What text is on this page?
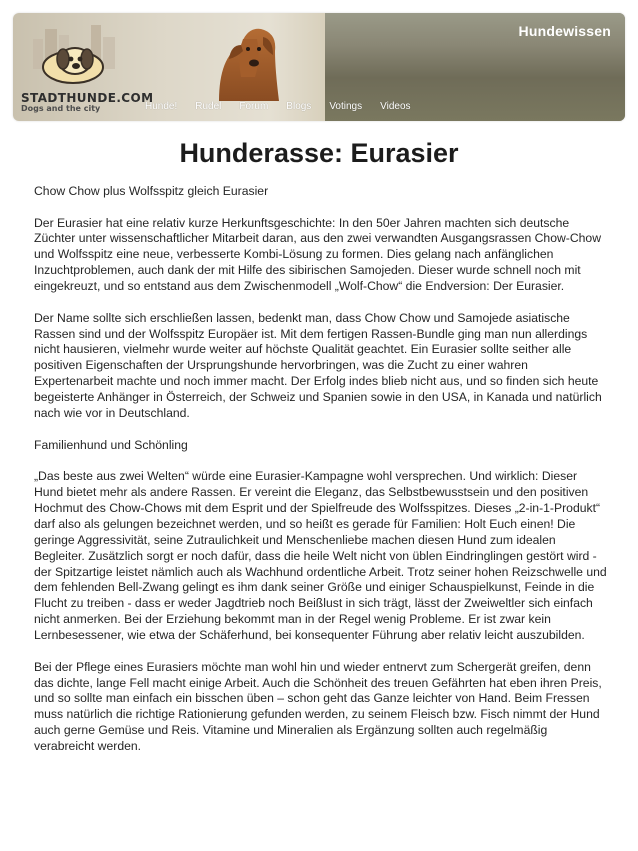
STADTHUNDE.COM
Dogs and the city
Hundewissen
Hunde! Rudel Forum Blogs Votings Videos
Hunderasse: Eurasier

Chow Chow plus Wolfsspitz gleich Eurasier

Der Eurasier hat eine relativ kurze Herkunftsgeschichte: In den 50er Jahren machten sich deutsche Züchter unter wissenschaftlicher Mitarbeit daran, aus den zwei verwandten Ausgangsrassen Chow-Chow und Wolfsspitz eine neue, verbesserte Kombi-Lösung zu formen. Dies gelang nach anfänglichen Inzuchtproblemen, auch dank der mit Hilfe des sibirischen Samojeden. Dieser wurde schnell noch mit eingekreuzt, und so entstand aus dem Zwischenmodell „Wolf-Chow“ die Endversion: Der Eurasier.

Der Name sollte sich erschließen lassen, bedenkt man, dass Chow Chow und Samojede asiatische Rassen sind und der Wolfsspitz Europäer ist. Mit dem fertigen Rassen-Bundle ging man nun allerdings nicht hausieren, vielmehr wurde weiter auf höchste Qualität geachtet. Ein Eurasier sollte seither alle positiven Eigenschaften der Ursprungshunde hervorbringen, was die Zucht zu einer wahren Expertenarbeit machte und noch immer macht. Der Erfolg indes blieb nicht aus, und so finden sich heute begeisterte Anhänger in Österreich, der Schweiz und Spanien sowie in den USA, in Kanada und natürlich nach wie vor in Deutschland.

Familienhund und Schönling

„Das beste aus zwei Welten“ würde eine Eurasier-Kampagne wohl versprechen. Und wirklich: Dieser Hund bietet mehr als andere Rassen. Er vereint die Eleganz, das Selbstbewusstsein und den positiven Hochmut des Chow-Chows mit dem Esprit und der Spielfreude des Wolfsspitzes. Dieses „2-in-1-Produkt“ darf also als gelungen bezeichnet werden, und so heißt es gerade für Familien: Holt Euch einen! Die geringe Aggressivität, seine Zutraulichkeit und Menschenliebe machen diesen Hund zum idealen Begleiter. Zusätzlich sorgt er noch dafür, dass die heile Welt nicht von üblen Eindringlingen gestört wird - der Spitzartige leistet nämlich auch als Wachhund ordentliche Arbeit. Trotz seiner hohen Reizschwelle und dem fehlenden Bell-Zwang gelingt es ihm dank seiner Größe und einiger Schauspielkunst, Feinde in die Flucht zu treiben - dass er weder Jagdtrieb noch Beißlust in sich trägt, lässt der Zweiweltler sich einfach nicht anmerken. Bei der Erziehung bekommt man in der Regel wenig Probleme. Er ist zwar kein Lernbesessener, wie etwa der Schäferhund, bei konsequenter Führung aber relativ leicht auszubilden.

Bei der Pflege eines Eurasiers möchte man wohl hin und wieder entnervt zum Schergerät greifen, denn das dichte, lange Fell macht einige Arbeit. Auch die Schönheit des treuen Gefährten hat eben ihren Preis, und so sollte man einfach ein bisschen üben – schon geht das Ganze leichter von Hand. Beim Fressen muss natürlich die richtige Rationierung gefunden werden, zu seinem Fleisch bzw. Fisch nimmt der Hund auch gerne Gemüse und Reis. Vitamine und Mineralien als Ergänzung sollten auch regelmäßig verabreicht werden.
